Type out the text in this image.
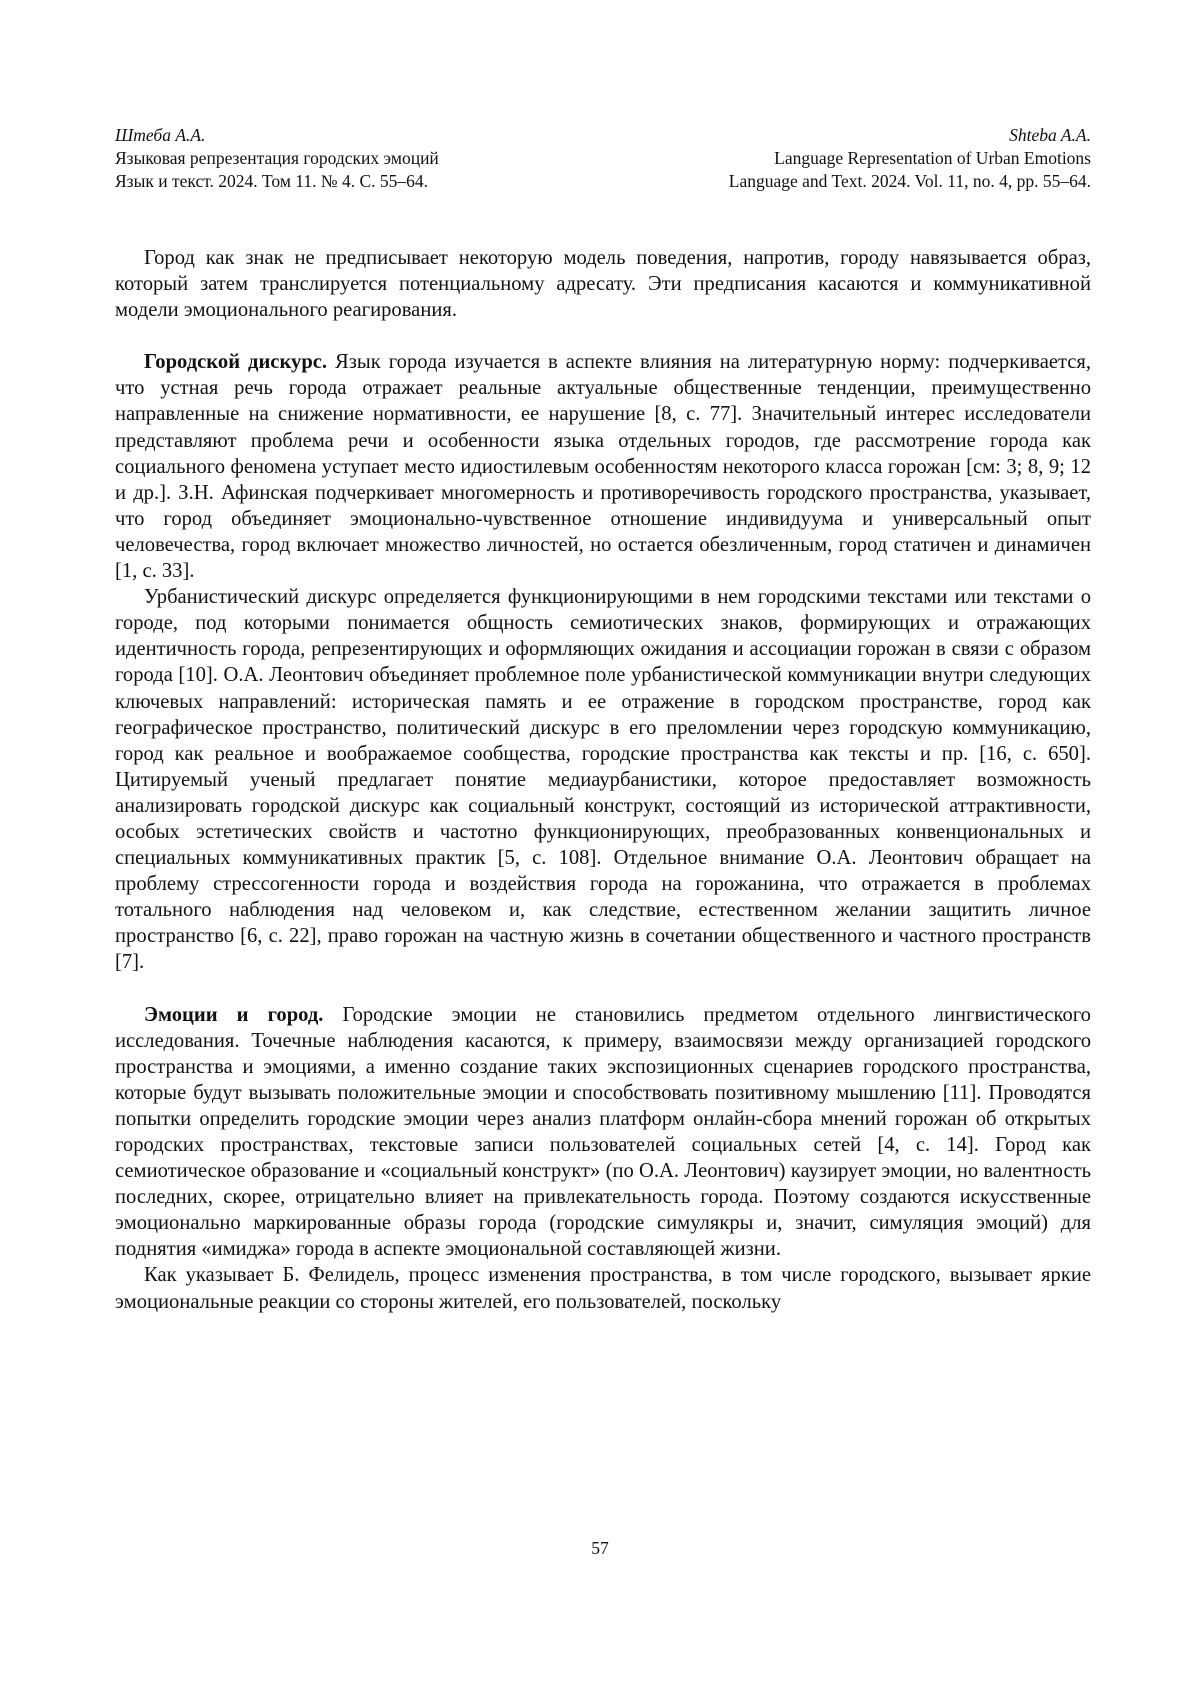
Штеба А.А.
Языковая репрезентация городских эмоций
Язык и текст. 2024. Том 11. № 4. С. 55–64.
Shteba A.A.
Language Representation of Urban Emotions
Language and Text. 2024. Vol. 11, no. 4, pp. 55–64.

Город как знак не предписывает некоторую модель поведения, напротив, городу навязывается образ, который затем транслируется потенциальному адресату. Эти предписания касаются и коммуникативной модели эмоционального реагирования.

Городской дискурс. Язык города изучается в аспекте влияния на литературную норму: подчеркивается, что устная речь города отражает реальные актуальные общественные тенденции, преимущественно направленные на снижение нормативности, ее нарушение [8, с. 77]. Значительный интерес исследователи представляют проблема речи и особенности языка отдельных городов, где рассмотрение города как социального феномена уступает место идиостилевым особенностям некоторого класса горожан [см: 3; 8, 9; 12 и др.]. З.Н. Афинская подчеркивает многомерность и противоречивость городского пространства, указывает, что город объединяет эмоционально-чувственное отношение индивидуума и универсальный опыт человечества, город включает множество личностей, но остается обезличенным, город статичен и динамичен [1, с. 33].

Урбанистический дискурс определяется функционирующими в нем городскими текстами или текстами о городе, под которыми понимается общность семиотических знаков, формирующих и отражающих идентичность города, репрезентирующих и оформляющих ожидания и ассоциации горожан в связи с образом города [10]. О.А. Леонтович объединяет проблемное поле урбанистической коммуникации внутри следующих ключевых направлений: историческая память и ее отражение в городском пространстве, город как географическое пространство, политический дискурс в его преломлении через городскую коммуникацию, город как реальное и воображаемое сообщества, городские пространства как тексты и пр. [16, с. 650]. Цитируемый ученый предлагает понятие медиаурбанистики, которое предоставляет возможность анализировать городской дискурс как социальный конструкт, состоящий из исторической аттрактивности, особых эстетических свойств и частотно функционирующих, преобразованных конвенциональных и специальных коммуникативных практик [5, с. 108]. Отдельное внимание О.А. Леонтович обращает на проблему стрессогенности города и воздействия города на горожанина, что отражается в проблемах тотального наблюдения над человеком и, как следствие, естественном желании защитить личное пространство [6, с. 22], право горожан на частную жизнь в сочетании общественного и частного пространств [7].

Эмоции и город. Городские эмоции не становились предметом отдельного лингвистического исследования. Точечные наблюдения касаются, к примеру, взаимосвязи между организацией городского пространства и эмоциями, а именно создание таких экспозиционных сценариев городского пространства, которые будут вызывать положительные эмоции и способствовать позитивному мышлению [11]. Проводятся попытки определить городские эмоции через анализ платформ онлайн-сбора мнений горожан об открытых городских пространствах, текстовые записи пользователей социальных сетей [4, с. 14]. Город как семиотическое образование и «социальный конструкт» (по О.А. Леонтович) каузирует эмоции, но валентность последних, скорее, отрицательно влияет на привлекательность города. Поэтому создаются искусственные эмоционально маркированные образы города (городские симулякры и, значит, симуляция эмоций) для поднятия «имиджа» города в аспекте эмоциональной составляющей жизни.

Как указывает Б. Фелидель, процесс изменения пространства, в том числе городского, вызывает яркие эмоциональные реакции со стороны жителей, его пользователей, поскольку

57
